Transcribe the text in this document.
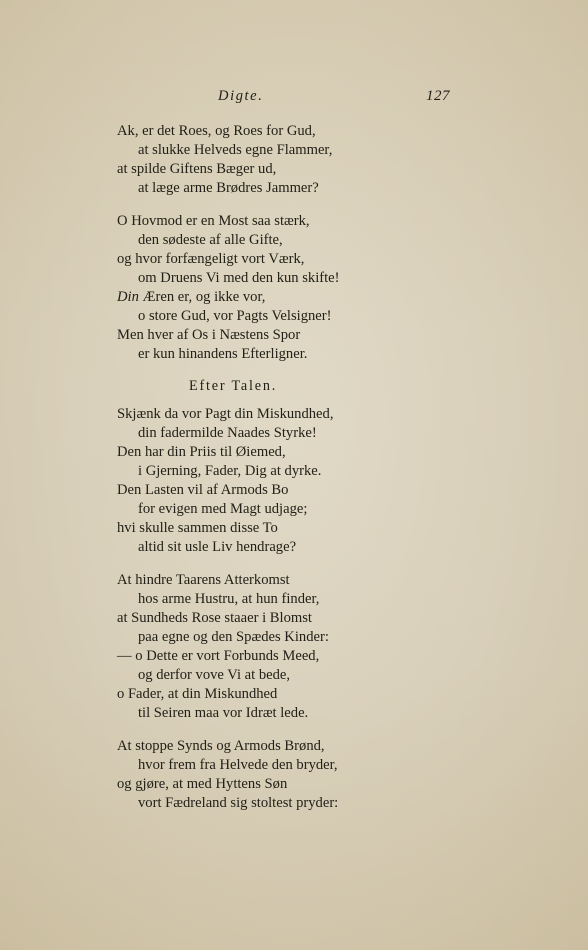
Digte.	127
Ak, er det Roes, og Roes for Gud,
at slukke Helveds egne Flammer,
at spilde Giftens Bæger ud,
at læge arme Brødres Jammer?
O Hovmod er en Most saa stærk,
den sødeste af alle Gifte,
og hvor forfængeligt vort Værk,
om Druens Vi med den kun skifte!
Din Æren er, og ikke vor,
o store Gud, vor Pagts Velsigner!
Men hver af Os i Næstens Spor
er kun hinandens Efterligner.
Efter Talen.
Skjænk da vor Pagt din Miskundhed,
din fadermilde Naades Styrke!
Den har din Priis til Øiemed,
i Gjerning, Fader, Dig at dyrke.
Den Lasten vil af Armods Bo
for evigen med Magt udjage;
hvi skulle sammen disse To
altid sit usle Liv hendrage?
At hindre Taarens Atterkomst
hos arme Hustru, at hun finder,
at Sundheds Rose staaer i Blomst
paa egne og den Spædes Kinder:
— o Dette er vort Forbunds Meed,
og derfor vove Vi at bede,
o Fader, at din Miskundhed
til Seiren maa vor Idræt lede.
At stoppe Synds og Armods Brønd,
hvor frem fra Helvede den bryder,
og gjøre, at med Hyttens Søn
vort Fædreland sig stoltest pryder:
